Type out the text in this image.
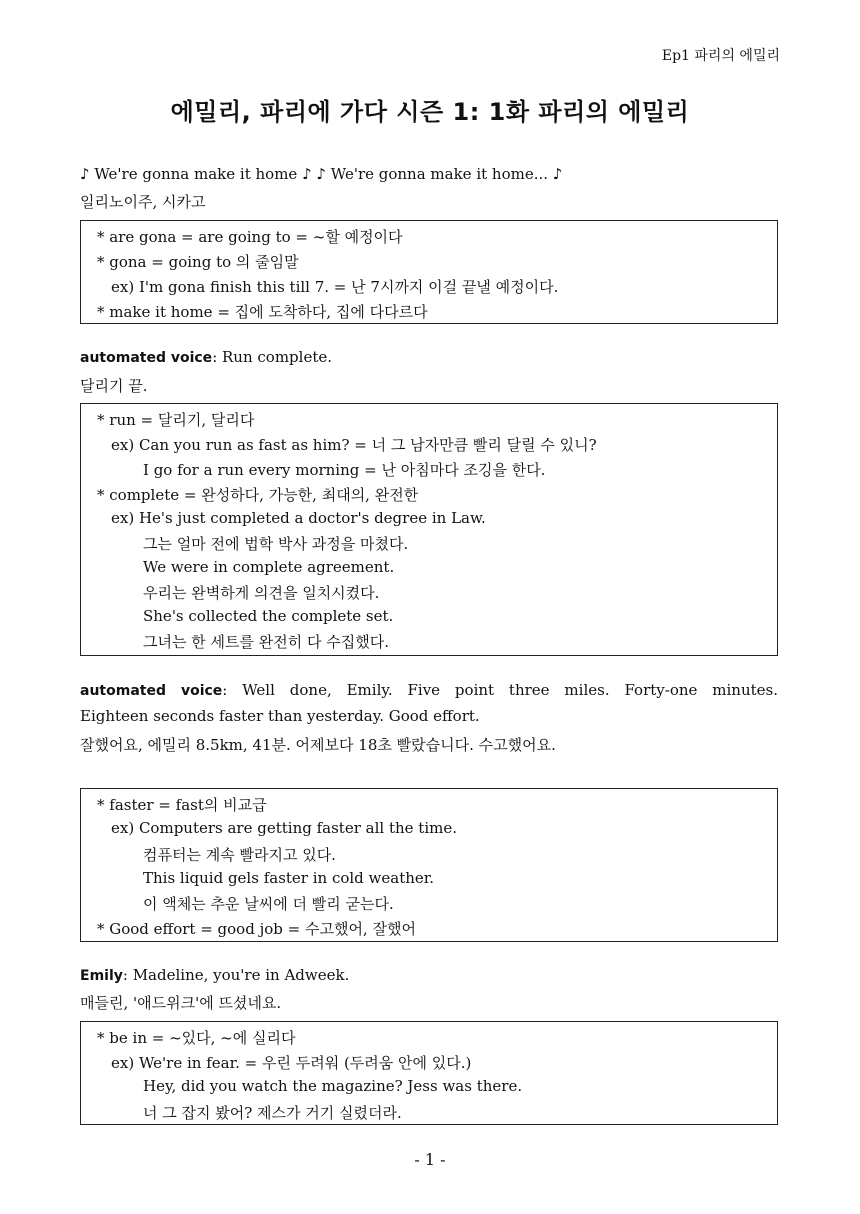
Ep1 파리의 에밀리
에밀리, 파리에 가다 시즌 1: 1화 파리의 에밀리
♪ We're gonna make it home ♪ ♪ We're gonna make it home... ♪
일리노이주, 시카고
* are gona = are going to = ~할 예정이다
* gona = going to 의 줄임말
ex) I'm gona finish this till 7. = 난 7시까지 이걸 끝낼 예정이다.
* make it home = 집에 도착하다, 집에 다다르다
automated voice: Run complete.
달리기 끝.
* run = 달리기, 달리다
ex) Can you run as fast as him? = 너 그 남자만큼 빨리 달릴 수 있니?
I go for a run every morning = 난 아침마다 조깅을 한다.
* complete = 완성하다, 가능한, 최대의, 완전한
ex) He's just completed a doctor's degree in Law.
그는 얼마 전에 법학 박사 과정을 마쳤다.
We were in complete agreement.
우리는 완벽하게 의견을 일치시켰다.
She's collected the complete set.
그녀는 한 세트를 완전히 다 수집했다.
automated voice: Well done, Emily. Five point three miles. Forty-one minutes.
Eighteen seconds faster than yesterday. Good effort.
잘했어요, 에밀리 8.5km, 41분. 어제보다 18초 빨랐습니다. 수고했어요.
* faster = fast의 비교급
ex) Computers are getting faster all the time.
컴퓨터는 계속 빨라지고 있다.
This liquid gels faster in cold weather.
이 액체는 추운 날씨에 더 빨리 굳는다.
* Good effort = good job = 수고했어, 잘했어
Emily: Madeline, you're in Adweek.
매들린, '애드위크'에 뜨셨네요.
* be in = ~있다, ~에 실리다
ex) We're in fear. = 우린 두려워 (두려움 안에 있다.)
Hey, did you watch the magazine? Jess was there.
너 그 잡지 봤어? 제스가 거기 실렸더라.
- 1 -
